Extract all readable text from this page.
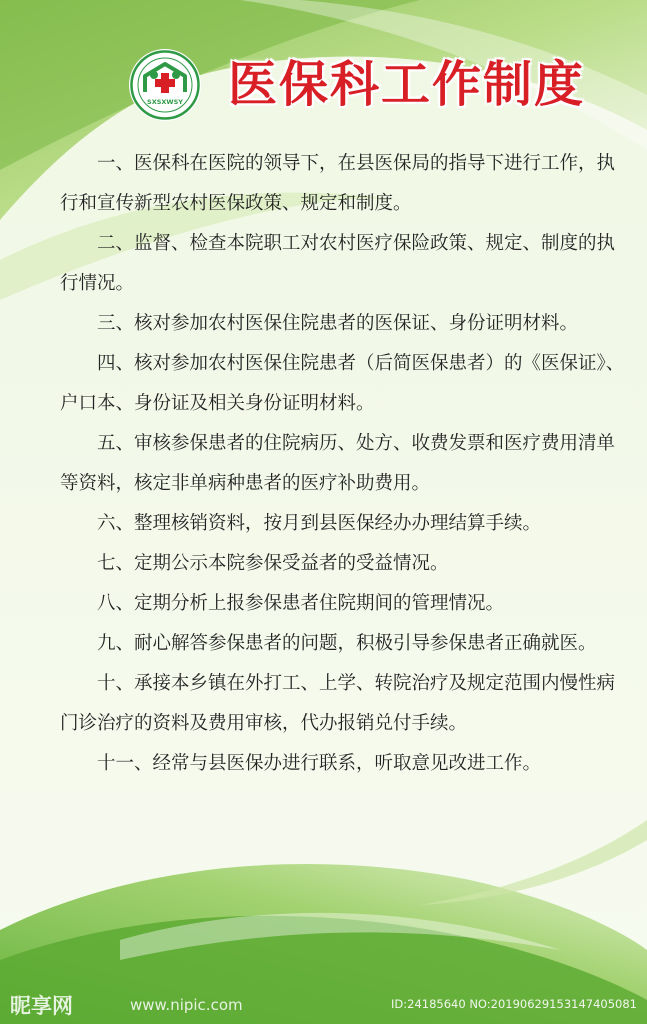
SXSXWSY 医保科工作制度
一、医保科在医院的领导下，在县医保局的指导下进行工作，执行和宣传新型农村医保政策、规定和制度。
二、监督、检查本院职工对农村医疗保险政策、规定、制度的执行情况。
三、核对参加农村医保住院患者的医保证、身份证明材料。
四、核对参加农村医保住院患者（后简医保患者）的《医保证》、户口本、身份证及相关身份证明材料。
五、审核参保患者的住院病历、处方、收费发票和医疗费用清单等资料，核定非单病种患者的医疗补助费用。
六、整理核销资料，按月到县医保经办办理结算手续。
七、定期公示本院参保受益者的受益情况。
八、定期分析上报参保患者住院期间的管理情况。
九、耐心解答参保患者的问题，积极引导参保患者正确就医。
十、承接本乡镇在外打工、上学、转院治疗及规定范围内慢性病门诊治疗的资料及费用审核，代办报销兑付手续。
十一、经常与县医保办进行联系，听取意见改进工作。
昵享网	www.nipic.com	ID:24185640 NO:20190629153147405081
